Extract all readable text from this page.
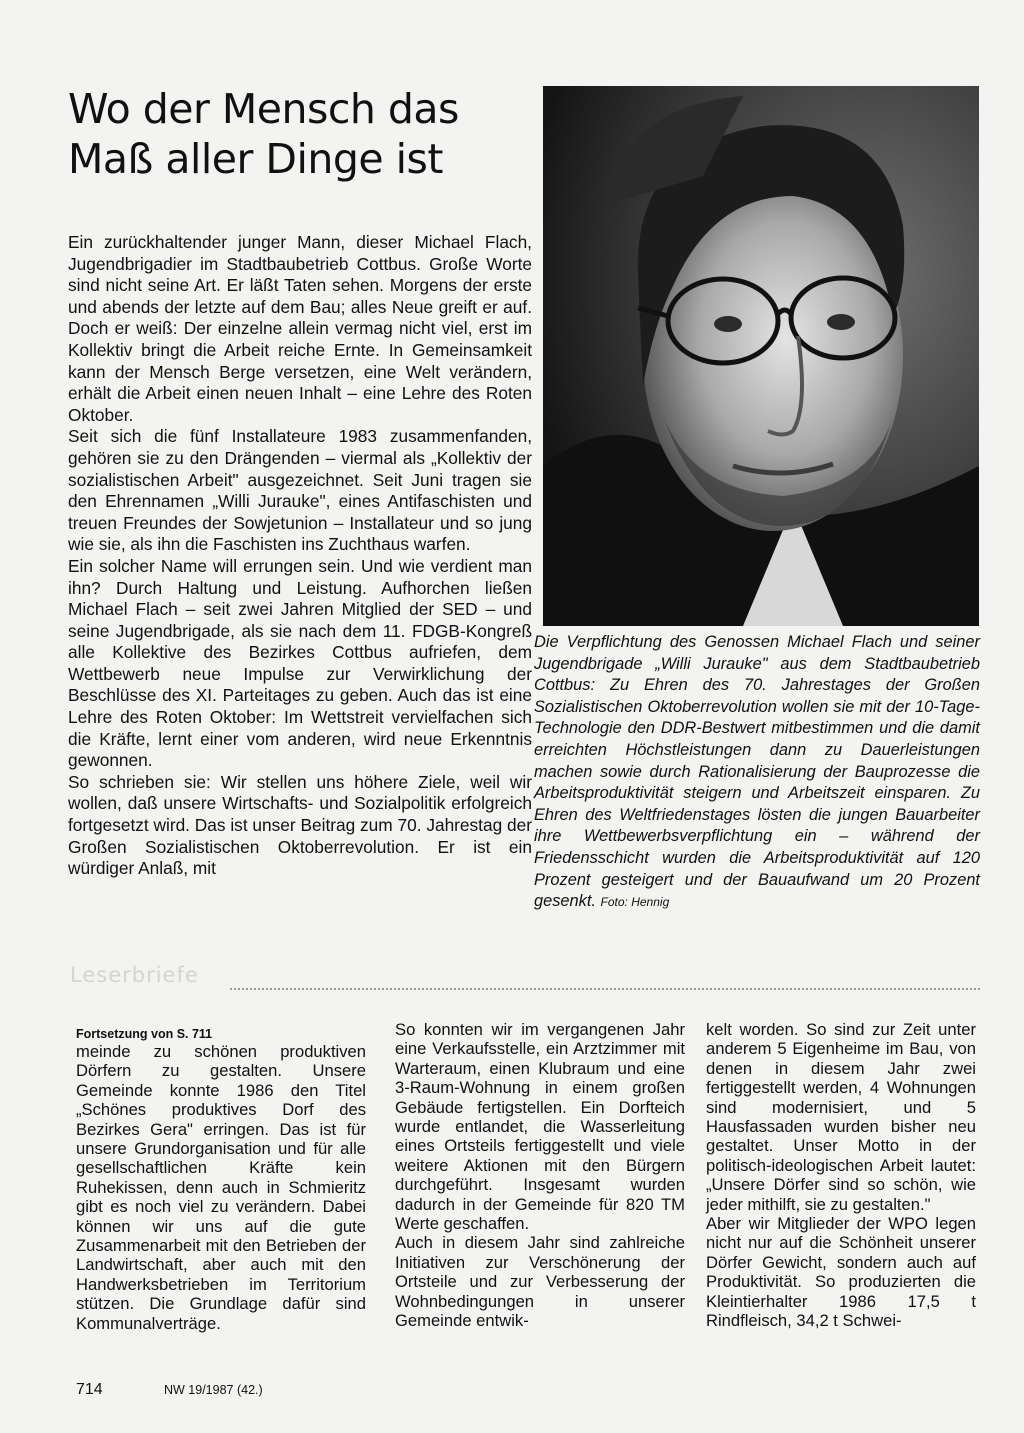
Wo der Mensch das
Maß aller Dinge ist

Ein zurückhaltender junger Mann, dieser Michael Flach, Jugendbrigadier im Stadtbaubetrieb Cottbus. Große Worte sind nicht seine Art. Er läßt Taten sehen. Morgens der erste und abends der letzte auf dem Bau; alles Neue greift er auf. Doch er weiß: Der einzelne allein vermag nicht viel, erst im Kollektiv bringt die Arbeit reiche Ernte. In Gemeinsamkeit kann der Mensch Berge versetzen, eine Welt verändern, erhält die Arbeit einen neuen Inhalt – eine Lehre des Roten Oktober.

Seit sich die fünf Installateure 1983 zusammenfanden, gehören sie zu den Drängenden – viermal als „Kollektiv der sozialistischen Arbeit" ausgezeichnet. Seit Juni tragen sie den Ehrennamen „Willi Jurauke", eines Antifaschisten und treuen Freundes der Sowjetunion – Installateur und so jung wie sie, als ihn die Faschisten ins Zuchthaus warfen.

Ein solcher Name will errungen sein. Und wie verdient man ihn? Durch Haltung und Leistung. Aufhorchen ließen Michael Flach – seit zwei Jahren Mitglied der SED – und seine Jugendbrigade, als sie nach dem 11. FDGB-Kongreß alle Kollektive des Bezirkes Cottbus aufriefen, dem Wettbewerb neue Impulse zur Verwirklichung der Beschlüsse des XI. Parteitages zu geben. Auch das ist eine Lehre des Roten Oktober: Im Wettstreit vervielfachen sich die Kräfte, lernt einer vom anderen, wird neue Erkenntnis gewonnen.

So schrieben sie: Wir stellen uns höhere Ziele, weil wir wollen, daß unsere Wirtschafts- und Sozialpolitik erfolgreich fortgesetzt wird. Das ist unser Beitrag zum 70. Jahrestag der Großen Sozialistischen Oktoberrevolution. Er ist ein würdiger Anlaß, mit

Die Verpflichtung des Genossen Michael Flach und seiner Jugendbrigade „Willi Jurauke" aus dem Stadtbaubetrieb Cottbus: Zu Ehren des 70. Jahrestages der Großen Sozialistischen Oktoberrevolution wollen sie mit der 10-Tage-Technologie den DDR-Bestwert mitbestimmen und die damit erreichten Höchstleistungen dann zu Dauerleistungen machen sowie durch Rationalisierung der Bauprozesse die Arbeitsproduktivität steigern und Arbeitszeit einsparen. Zu Ehren des Weltfriedenstages lösten die jungen Bauarbeiter ihre Wettbewerbsverpflichtung ein – während der Friedensschicht wurden die Arbeitsproduktivität auf 120 Prozent gesteigert und der Bauaufwand um 20 Prozent gesenkt. Foto: Hennig
Leserbriefe
Fortsetzung von S. 711

meinde zu schönen produktiven Dörfern zu gestalten. Unsere Gemeinde konnte 1986 den Titel „Schönes produktives Dorf des Bezirkes Gera" erringen. Das ist für unsere Grundorganisation und für alle gesellschaftlichen Kräfte kein Ruhekissen, denn auch in Schmieritz gibt es noch viel zu verändern. Dabei können wir uns auf die gute Zusammenarbeit mit den Betrieben der Landwirtschaft, aber auch mit den Handwerksbetrieben im Territorium stützen. Die Grundlage dafür sind Kommunalverträge.

So konnten wir im vergangenen Jahr eine Verkaufsstelle, ein Arztzimmer mit Warteraum, einen Klubraum und eine 3-Raum-Wohnung in einem großen Gebäude fertigstellen. Ein Dorfteich wurde entlandet, die Wasserleitung eines Ortsteils fertiggestellt und viele weitere Aktionen mit den Bürgern durchgeführt. Insgesamt wurden dadurch in der Gemeinde für 820 TM Werte geschaffen.

Auch in diesem Jahr sind zahlreiche Initiativen zur Verschönerung der Ortsteile und zur Verbesserung der Wohnbedingungen in unserer Gemeinde entwik-

kelt worden. So sind zur Zeit unter anderem 5 Eigenheime im Bau, von denen in diesem Jahr zwei fertiggestellt werden, 4 Wohnungen sind modernisiert, und 5 Hausfassaden wurden bisher neu gestaltet. Unser Motto in der politisch-ideologischen Arbeit lautet: „Unsere Dörfer sind so schön, wie jeder mithilft, sie zu gestalten."

Aber wir Mitglieder der WPO legen nicht nur auf die Schönheit unserer Dörfer Gewicht, sondern auch auf Produktivität. So produzierten die Kleintierhalter 1986 17,5 t Rindfleisch, 34,2 t Schwei-

714	NW 19/1987 (42.)
